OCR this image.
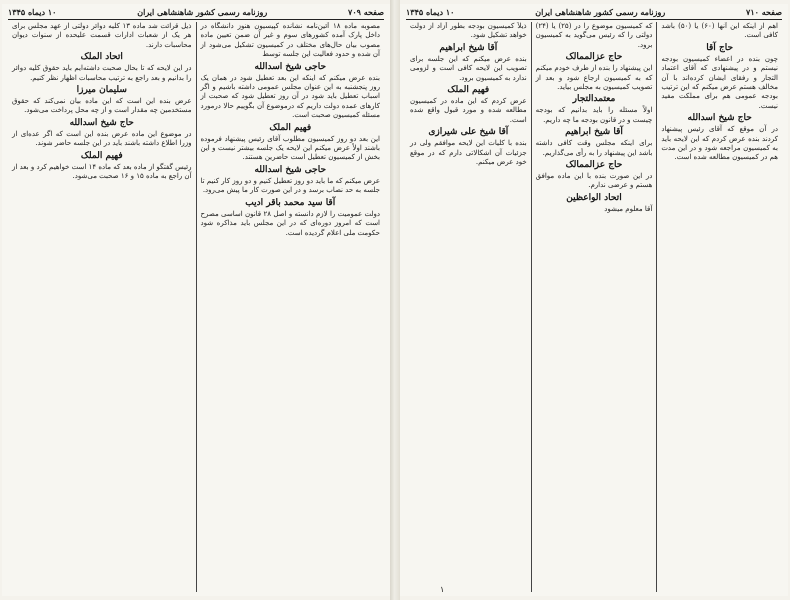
صفحه ۷۰۹
روزنامه رسمی کشور شاهنشاهی ایران
۱۰ دیماه ۱۳۴۵

مصوبه ماده ۱۸ آئین‌نامه نشانده کپیسیون هنوز دانشگاه در داخل پارک آمده کشور‌های سوم و غیر آن ضمن تعیین ماده مصوب بیان حال‌های مختلف در کمیسیون تشکیل می‌شود از آن شده و حدود فعالیت این جلسه توسط

حاجی شیخ اسدالله

بنده عرض میکنم که اینکه این بعد تعطیل شود در همان یک روز پنجشنبه به این عنوان مجلس عمومی داشته باشیم و اگر اسباب تعطیل باید شود در آن روز تعطیل شود که صحبت از کارهای عمده دولت داریم که درموضوع آن بگوییم حالا درمورد مسئله کمیسیون صحبت است.

فهیم الملک

این بعد دو روز کمیسیون مطلوب آقای رئیس پیشنهاد فرموده باشند اولاً عرض میکنم این لایحه یک جلسه بیشتر نیست و این بخش از کمیسیون تعطیل است حاضرین هستند.

حاجی شیخ اسدالله

عرض میکنم که ما باید دو روز تعطیل کنیم و دو روز کار کنیم تا جلسه به حد نصاب برسد و در این صورت کار ما پیش می‌رود.

آقا سید محمد باقر ادیب

دولت عمومیت را لازم دانسته و اصل ۲۸ قانون اساسی مصرح است که امروز دوره‌ای که در این مجلس باید مذاکره شود حکومت ملی اعلام گردیده است.

ذیل قرائت شد ماده ۱۳ کلیه دوائر دولتی از عهد مجلس برای هر یک از شعبات ادارات قسمت علیحده از سنوات دیوان محاسبات دارند.

اتحاد الملک

در این لایحه که تا بحال صحبت داشته‌ایم باید حقوق کلیه دوائر را بدانیم و بعد راجع به ترتیب محاسبات اظهار نظر کنیم.

سلیمان میرزا

عرض بنده این است که این ماده بیان نمی‌کند که حقوق مستخدمین چه مقدار است و از چه محل پرداخت می‌شود.

حاج شیخ اسدالله

در موضوع این ماده عرض بنده این است که اگر عده‌ای از وزرا اطلاع داشته باشند باید در این جلسه حاضر شوند.

فهیم الملک

رئیس گفتگو از ماده بعد که ماده ۱۴ است خواهیم کرد و بعد از آن راجع به ماده ۱۵ و ۱۶ صحبت می‌شود.

صفحه ۷۱۰
روزنامه رسمی کشور شاهنشاهی ایران
۱۰ دیماه ۱۳۴۵

اهم از اینکه این آنها (۶۰) یا (۵۰) باشد کافی است.

حاج آقا

چون بنده در اعضاء کمیسیون بودجه نیستم و در پیشنهادی که آقای اعتماد التجار و رفقای ایشان کرده‌اند با آن مخالف هستم عرض میکنم که این ترتیب بودجه عمومی هم برای مملکت مفید نیست.

حاج شیخ اسدالله

در آن موقع که آقای رئیس پیشنهاد کردند بنده عرض کردم که این لایحه باید به کمیسیون مراجعه شود و در این مدت هم در کمیسیون مطالعه شده است.

که کمیسیون موضوع را در (۲۵) یا (۲۴) دولتی را که رئیس می‌گوید به کمیسیون برود.

حاج عزالممالک

این پیشنهاد را بنده از طرف خودم میکنم که به کمیسیون ارجاع شود و بعد از تصویب کمیسیون به مجلس بیاید.

معتمدالتجار

اولاً مسئله را باید بدانیم که بودجه چیست و در قانون بودجه ما چه داریم.

آقا شیخ ابراهیم

برای اینکه مجلس وقت کافی داشته باشد این پیشنهاد را به رأی می‌گذاریم.

حاج عزالممالک

در این صورت بنده با این ماده موافق هستم و عرضی ندارم.

اتحاد الواعظین

آقا معلوم میشود

ذیلاً کمیسیون بودجه بطور آزاد از دولت خواهد تشکیل شود.

آقا شیخ ابراهیم

بنده عرض میکنم که این جلسه برای تصویب این لایحه کافی است و لزومی ندارد به کمیسیون برود.

فهیم الملک

عرض کردم که این ماده در کمیسیون مطالعه شده و مورد قبول واقع شده است.

آقا شیخ علی شیرازی

بنده با کلیات این لایحه موافقم ولی در جزئیات آن اشکالاتی دارم که در موقع خود عرض میکنم.

۱
